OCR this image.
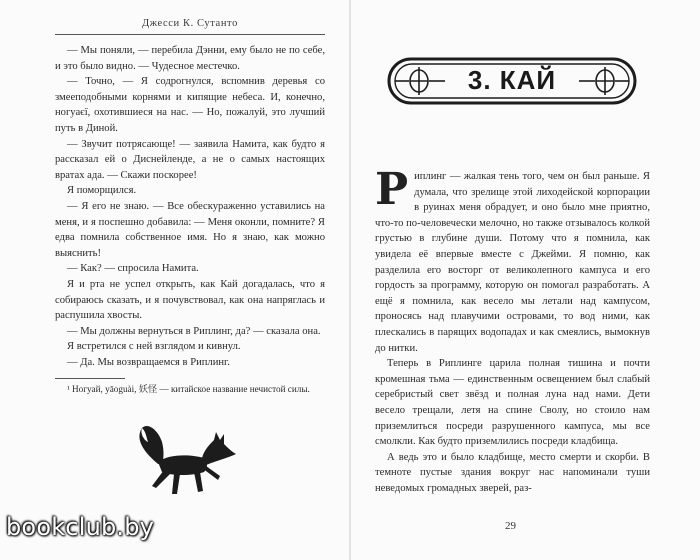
Джесси К. Сутанто

— Мы поняли, — перебила Дэнни, ему было не по себе, и это было видно. — Чудесное местечко.

— Точно, — Я содрогнулся, вспомнив деревья со змееподобными корнями и кипящие небеса. И, конечно, ногуаєї, охотившиеся на нас. — Но, пожалуй, это лучший путь в Диной.

— Звучит потрясающе! — заявила Намита, как будто я рассказал ей о Диснейленде, а не о самых настоящих вратах ада. — Скажи поскорее!

Я поморщился.

— Я его не знаю. — Все обескураженно уставились на меня, и я поспешно добавила: — Меня оконли, помните? Я едва помнила собственное имя. Но я знаю, как можно выяснить!

— Как? — спросила Намита.

Я и рта не успел открыть, как Кай догадалась, что я собираюсь сказать, и я почувствовал, как она напряглась и распушила хвосты.

— Мы должны вернуться в Риплинг, да? — сказала она.

Я встретился с ней взглядом и кивнул.

— Да. Мы возвращаемся в Риплинг.

¹ Ногуай, yāoguài, 妖怪 — китайское название нечистой силы.

3. КАЙ

Риплинг — жалкая тень того, чем он был раньше. Я думала, что зрелище этой лиходейской корпорации в руинах меня обрадует, и оно было мне приятно, что-то по-человечески мелочно, но также отзывалось колкой грустью в глубине души. Потому что я помнила, как увидела её впервые вместе с Джейми. Я помню, как разделила его восторг от великолепного кампуса и его гордость за программу, которую он помогал разработать. А ещё я помнила, как весело мы летали над кампусом, проносясь над плавучими островами, то вод ними, как плескались в парящих водопадах и как смеялись, вымокнув до нитки.

Теперь в Риплинге царила полная тишина и почти кромешная тьма — единственным освещением был слабый серебристый свет звёзд и полная луна над нами. Дети весело трещали, летя на спине Сволу, но стоило нам приземлиться посреди разрушенного кампуса, мы все смолкли. Как будто приземлились посреди кладбища.

А ведь это и было кладбище, место смерти и скорби. В темноте пустые здания вокруг нас напоминали туши неведомых громадных зверей, раз-

29
bookclub.by
